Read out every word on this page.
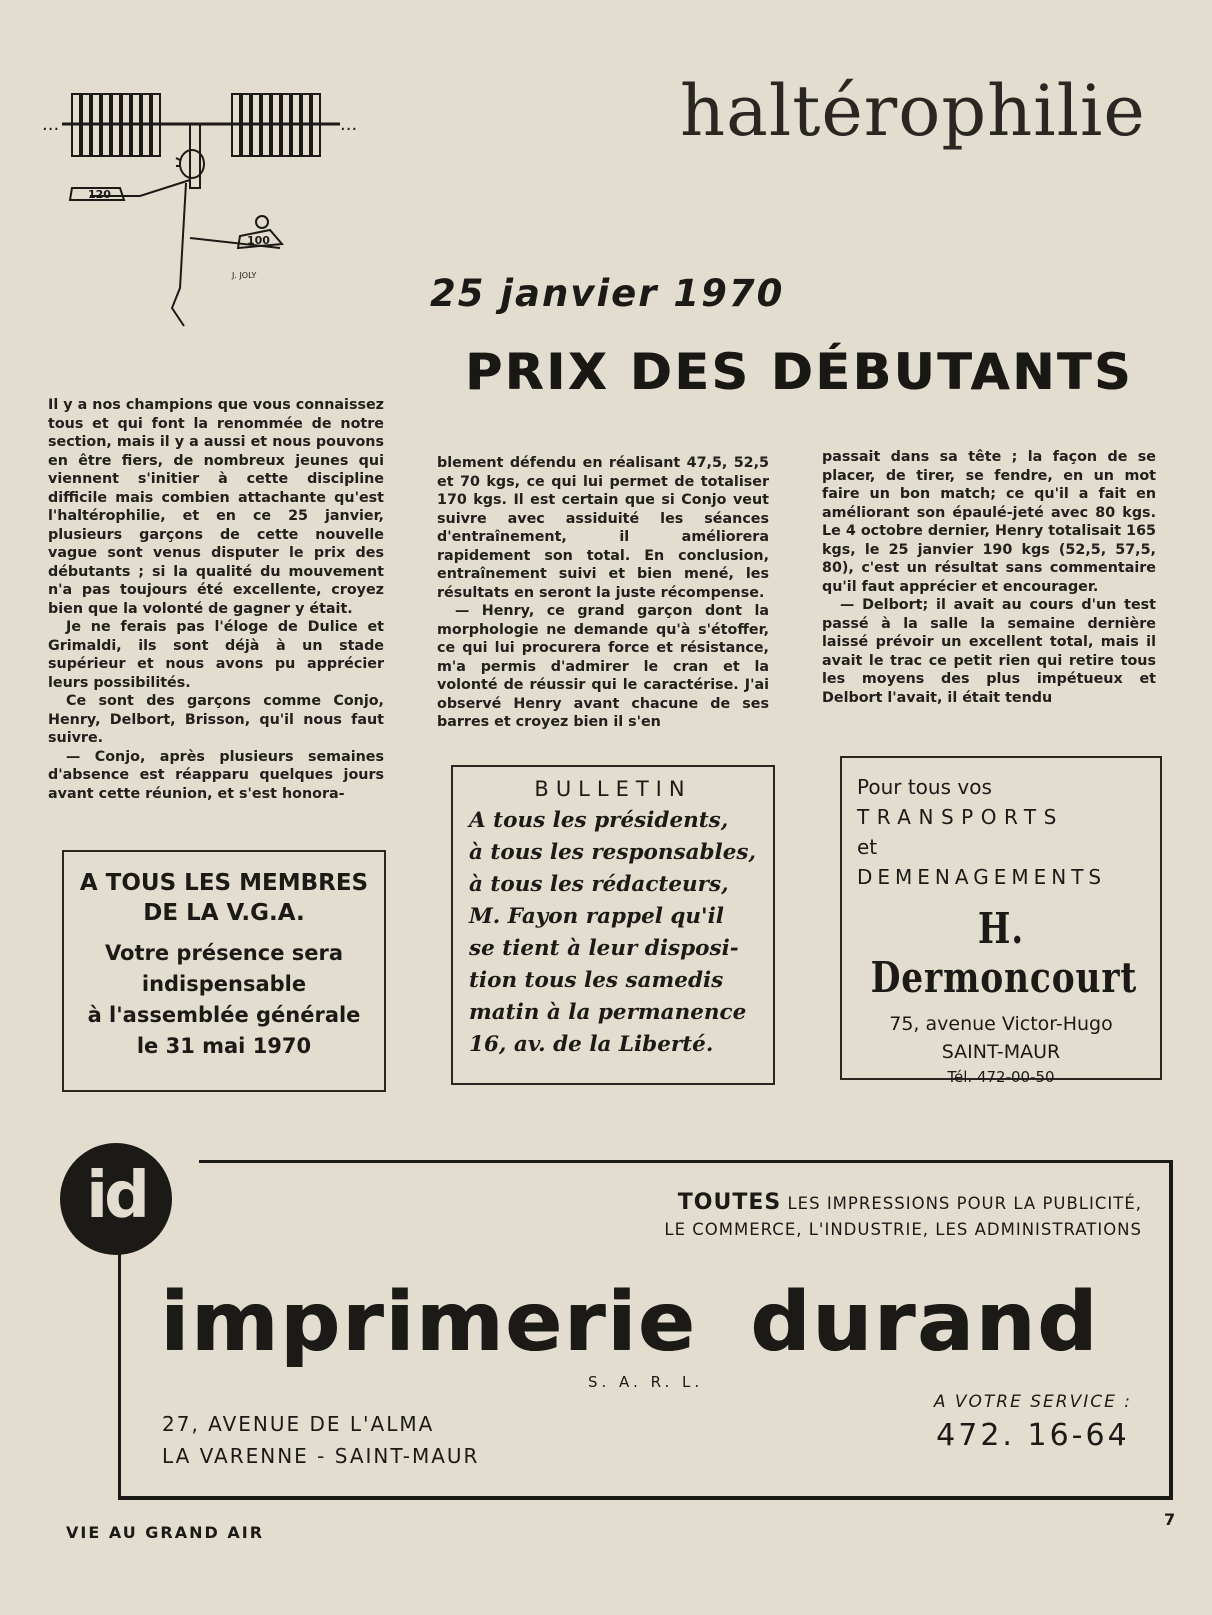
...	...
120
100
J. JOLY
haltérophilie
25 janvier 1970
PRIX DES DÉBUTANTS

Il y a nos champions que vous connaissez tous et qui font la renommée de notre section, mais il y a aussi et nous pouvons en être fiers, de nombreux jeunes qui viennent s'initier à cette discipline difficile mais combien attachante qu'est l'haltérophilie, et en ce 25 janvier, plusieurs garçons de cette nouvelle vague sont venus disputer le prix des débutants ; si la qualité du mouvement n'a pas toujours été excellente, croyez bien que la volonté de gagner y était.

Je ne ferais pas l'éloge de Dulice et Grimaldi, ils sont déjà à un stade supérieur et nous avons pu apprécier leurs possibilités.

Ce sont des garçons comme Conjo, Henry, Delbort, Brisson, qu'il nous faut suivre.

— Conjo, après plusieurs semaines d'absence est réapparu quelques jours avant cette réunion, et s'est honora-

blement défendu en réalisant 47,5, 52,5 et 70 kgs, ce qui lui permet de totaliser 170 kgs. Il est certain que si Conjo veut suivre avec assiduité les séances d'entraînement, il améliorera rapidement son total. En conclusion, entraînement suivi et bien mené, les résultats en seront la juste récompense.

— Henry, ce grand garçon dont la morphologie ne demande qu'à s'étoffer, ce qui lui procurera force et résistance, m'a permis d'admirer le cran et la volonté de réussir qui le caractérise. J'ai observé Henry avant chacune de ses barres et croyez bien il s'en

passait dans sa tête ; la façon de se placer, de tirer, se fendre, en un mot faire un bon match; ce qu'il a fait en améliorant son épaulé-jeté avec 80 kgs. Le 4 octobre dernier, Henry totalisait 165 kgs, le 25 janvier 190 kgs (52,5, 57,5, 80), c'est un résultat sans commentaire qu'il faut apprécier et encourager.

— Delbort; il avait au cours d'un test passé à la salle la semaine dernière laissé prévoir un excellent total, mais il avait le trac ce petit rien qui retire tous les moyens des plus impétueux et Delbort l'avait, il était tendu

A TOUS LES MEMBRES
DE LA V.G.A.
Votre présence sera
indispensable
à l'assemblée générale
le 31 mai 1970
BULLETIN
A tous les présidents,
à tous les responsables,
à tous les rédacteurs,
M. Fayon rappel qu'il
se tient à leur disposi-
tion tous les samedis
matin à la permanence
16, av. de la Liberté.
Pour tous vos
TRANSPORTS
et
DEMENAGEMENTS
H. Dermoncourt
75, avenue Victor-Hugo
SAINT-MAUR
Tél. 472-00-50
id	TOUTES LES IMPRESSIONS POUR LA PUBLICITÉ,
LE COMMERCE, L'INDUSTRIE, LES ADMINISTRATIONS
imprimerie durand
S. A. R. L.
27, AVENUE DE L'ALMA
LA VARENNE - SAINT-MAUR
A VOTRE SERVICE :
472. 16-64
VIE AU GRAND AIR
7
